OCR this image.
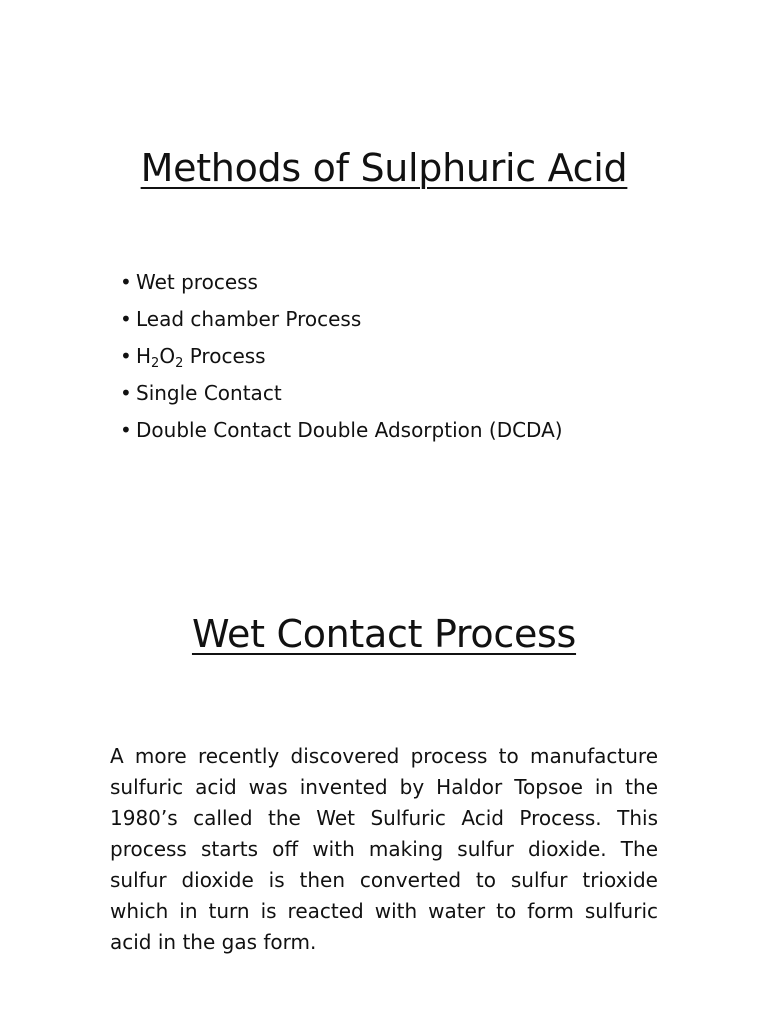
Methods of Sulphuric Acid
• Wet process
• Lead chamber Process
• $H_2O_2$ Process
• Single Contact
• Double Contact Double Adsorption (DCDA)
Wet Contact Process

A more recently discovered process to manufacture sulfuric acid was invented by Haldor Topsoe in the 1980’s called the Wet Sulfuric Acid Process. This process starts off with making sulfur dioxide. The sulfur dioxide is then converted to sulfur trioxide which in turn is reacted with water to form sulfuric acid in the gas form.
